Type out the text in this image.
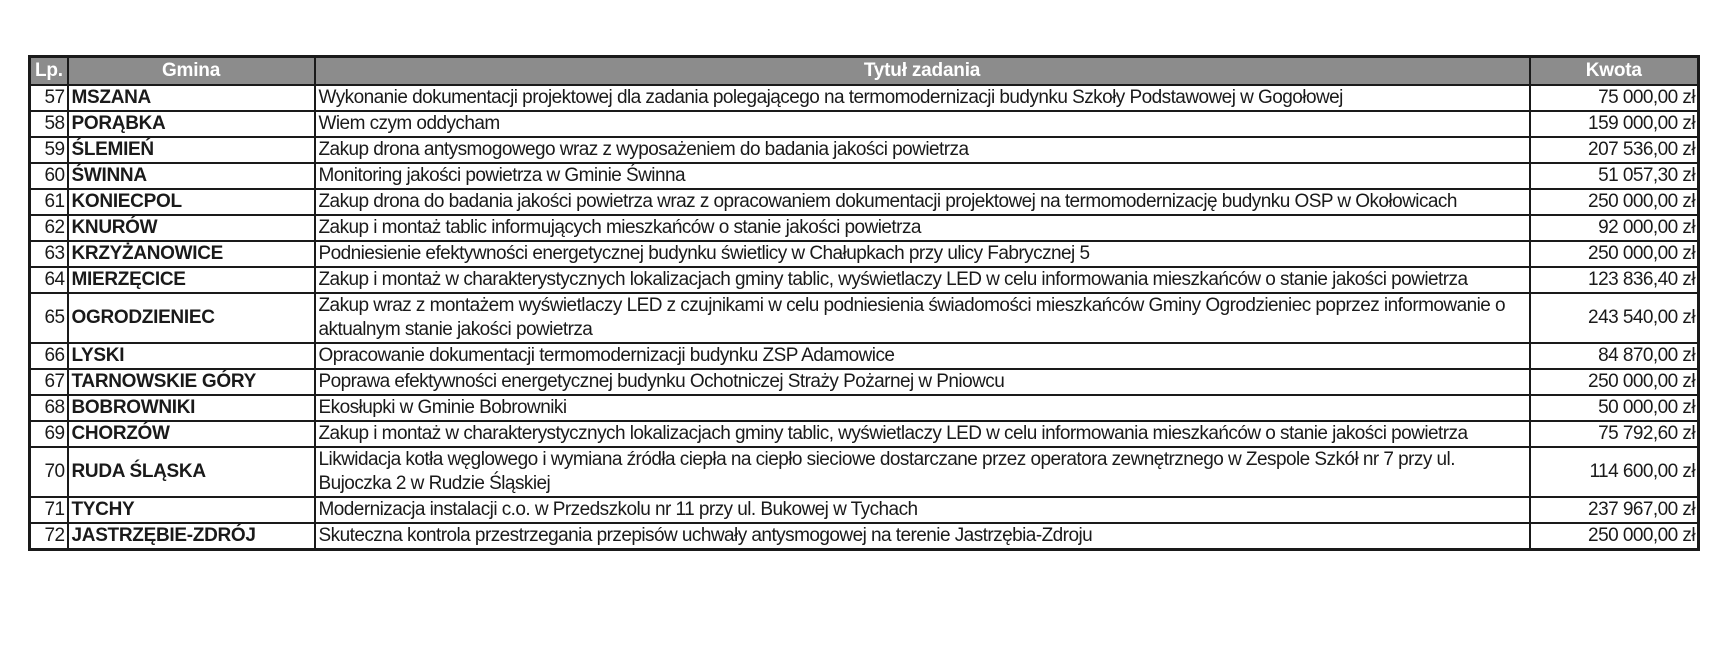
Lp.	Gmina	Tytuł zadania	Kwota
57	MSZANA	Wykonanie dokumentacji projektowej dla zadania polegającego na termomodernizacji budynku Szkoły Podstawowej w Gogołowej	75 000,00 zł
58	PORĄBKA	Wiem czym oddycham	159 000,00 zł
59	ŚLEMIEŃ	Zakup drona antysmogowego wraz z wyposażeniem do badania jakości powietrza	207 536,00 zł
60	ŚWINNA	Monitoring jakości powietrza w Gminie Świnna	51 057,30 zł
61	KONIECPOL	Zakup drona do badania jakości powietrza wraz z opracowaniem dokumentacji projektowej na termomodernizację budynku OSP w Okołowicach	250 000,00 zł
62	KNURÓW	Zakup i montaż tablic informujących mieszkańców o stanie jakości powietrza	92 000,00 zł
63	KRZYŻANOWICE	Podniesienie efektywności energetycznej budynku świetlicy w Chałupkach przy ulicy Fabrycznej 5	250 000,00 zł
64	MIERZĘCICE	Zakup i montaż w charakterystycznych lokalizacjach gminy tablic, wyświetlaczy LED w celu informowania mieszkańców o stanie jakości powietrza	123 836,40 zł
65	OGRODZIENIEC	Zakup wraz z montażem wyświetlaczy LED z czujnikami w celu podniesienia świadomości mieszkańców Gminy Ogrodzieniec poprzez informowanie o aktualnym stanie jakości powietrza	243 540,00 zł
66	LYSKI	Opracowanie dokumentacji termomodernizacji budynku ZSP Adamowice	84 870,00 zł
67	TARNOWSKIE GÓRY	Poprawa efektywności energetycznej budynku Ochotniczej Straży Pożarnej w Pniowcu	250 000,00 zł
68	BOBROWNIKI	Ekosłupki w Gminie Bobrowniki	50 000,00 zł
69	CHORZÓW	Zakup i montaż w charakterystycznych lokalizacjach gminy tablic, wyświetlaczy LED w celu informowania mieszkańców o stanie jakości powietrza	75 792,60 zł
70	RUDA ŚLĄSKA	Likwidacja kotła węglowego i wymiana źródła ciepła na ciepło sieciowe dostarczane przez operatora zewnętrznego w Zespole Szkół nr 7 przy ul. Bujoczka 2 w Rudzie Śląskiej	114 600,00 zł
71	TYCHY	Modernizacja instalacji c.o. w Przedszkolu nr 11 przy ul. Bukowej w Tychach	237 967,00 zł
72	JASTRZĘBIE-ZDRÓJ	Skuteczna kontrola przestrzegania przepisów uchwały antysmogowej na terenie Jastrzębia-Zdroju	250 000,00 zł
